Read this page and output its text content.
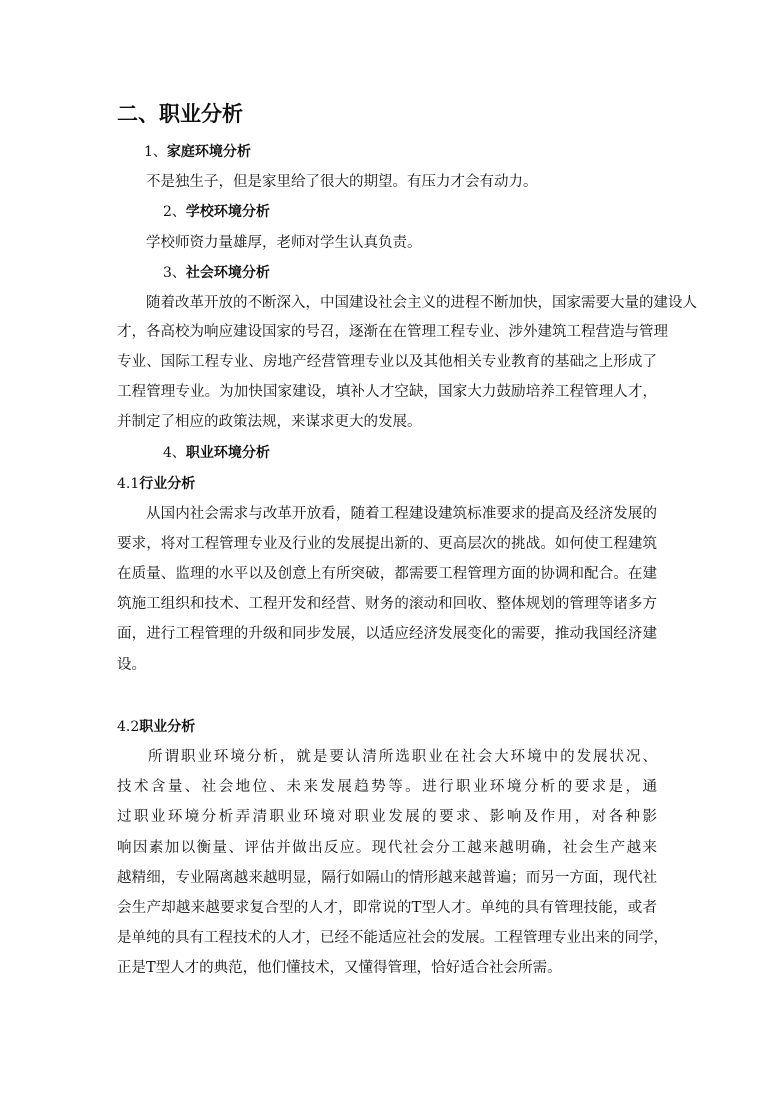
二、职业分析
1、家庭环境分析
不是独生子，但是家里给了很大的期望。有压力才会有动力。
2、学校环境分析
学校师资力量雄厚，老师对学生认真负责。
3、社会环境分析
随着改革开放的不断深入，中国建设社会主义的进程不断加快，国家需要大量的建设人
才，各高校为响应建设国家的号召，逐渐在在管理工程专业、涉外建筑工程营造与管理
专业、国际工程专业、房地产经营管理专业以及其他相关专业教育的基础之上形成了
工程管理专业。为加快国家建设，填补人才空缺，国家大力鼓励培养工程管理人才，
并制定了相应的政策法规，来谋求更大的发展。
4、职业环境分析
4.1行业分析
从国内社会需求与改革开放看，随着工程建设建筑标准要求的提高及经济发展的
要求，将对工程管理专业及行业的发展提出新的、更高层次的挑战。如何使工程建筑
在质量、监理的水平以及创意上有所突破，都需要工程管理方面的协调和配合。在建
筑施工组织和技术、工程开发和经营、财务的滚动和回收、整体规划的管理等诸多方
面，进行工程管理的升级和同步发展，以适应经济发展变化的需要，推动我国经济建
设。
4.2职业分析
所谓职业环境分析，就是要认清所选职业在社会大环境中的发展状况、
技术含量、社会地位、未来发展趋势等。进行职业环境分析的要求是，通
过职业环境分析弄清职业环境对职业发展的要求、影响及作用，对各种影
响因素加以衡量、评估并做出反应。现代社会分工越来越明确，社会生产越来
越精细，专业隔离越来越明显，隔行如隔山的情形越来越普遍；而另一方面，现代社
会生产却越来越要求复合型的人才，即常说的T型人才。单纯的具有管理技能，或者
是单纯的具有工程技术的人才，已经不能适应社会的发展。工程管理专业出来的同学，
正是T型人才的典范，他们懂技术，又懂得管理，恰好适合社会所需。
